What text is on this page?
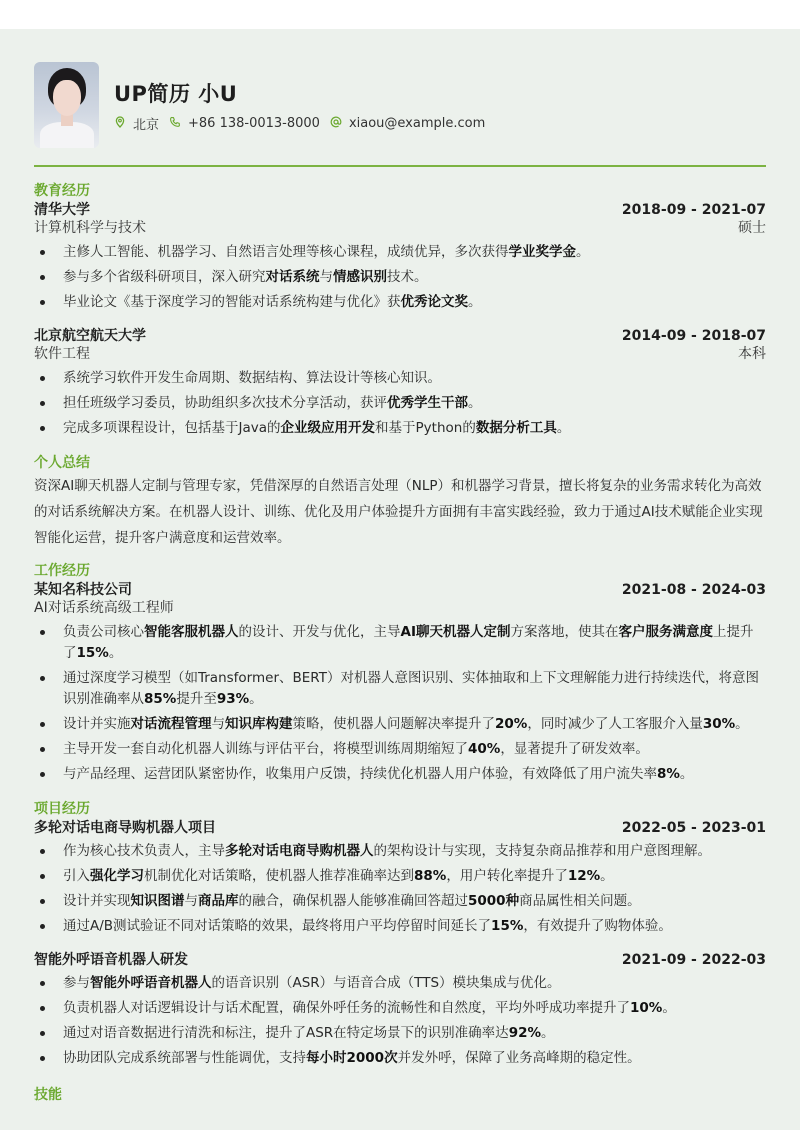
UP简历 小U
北京 +86 138-0013-8000 xiaou@example.com
教育经历
清华大学	2018-09 - 2021-07
计算机科学与技术	硕士
主修人工智能、机器学习、自然语言处理等核心课程，成绩优异，多次获得学业奖学金。
参与多个省级科研项目，深入研究对话系统与情感识别技术。
毕业论文《基于深度学习的智能对话系统构建与优化》获优秀论文奖。
北京航空航天大学	2014-09 - 2018-07
软件工程	本科
系统学习软件开发生命周期、数据结构、算法设计等核心知识。
担任班级学习委员，协助组织多次技术分享活动，获评优秀学生干部。
完成多项课程设计，包括基于Java的企业级应用开发和基于Python的数据分析工具。
个人总结

资深AI聊天机器人定制与管理专家，凭借深厚的自然语言处理（NLP）和机器学习背景，擅长将复杂的业务需求转化为高效的对话系统解决方案。在机器人设计、训练、优化及用户体验提升方面拥有丰富实践经验，致力于通过AI技术赋能企业实现智能化运营，提升客户满意度和运营效率。

工作经历
某知名科技公司	2021-08 - 2024-03
AI对话系统高级工程师
负责公司核心智能客服机器人的设计、开发与优化，主导AI聊天机器人定制方案落地，使其在客户服务满意度上提升了15%。
通过深度学习模型（如Transformer、BERT）对机器人意图识别、实体抽取和上下文理解能力进行持续迭代，将意图识别准确率从85%提升至93%。
设计并实施对话流程管理与知识库构建策略，使机器人问题解决率提升了20%，同时减少了人工客服介入量30%。
主导开发一套自动化机器人训练与评估平台，将模型训练周期缩短了40%，显著提升了研发效率。
与产品经理、运营团队紧密协作，收集用户反馈，持续优化机器人用户体验，有效降低了用户流失率8%。
项目经历
多轮对话电商导购机器人项目	2022-05 - 2023-01
作为核心技术负责人，主导多轮对话电商导购机器人的架构设计与实现，支持复杂商品推荐和用户意图理解。
引入强化学习机制优化对话策略，使机器人推荐准确率达到88%，用户转化率提升了12%。
设计并实现知识图谱与商品库的融合，确保机器人能够准确回答超过5000种商品属性相关问题。
通过A/B测试验证不同对话策略的效果，最终将用户平均停留时间延长了15%，有效提升了购物体验。
智能外呼语音机器人研发	2021-09 - 2022-03
参与智能外呼语音机器人的语音识别（ASR）与语音合成（TTS）模块集成与优化。
负责机器人对话逻辑设计与话术配置，确保外呼任务的流畅性和自然度，平均外呼成功率提升了10%。
通过对语音数据进行清洗和标注，提升了ASR在特定场景下的识别准确率达92%。
协助团队完成系统部署与性能调优，支持每小时2000次并发外呼，保障了业务高峰期的稳定性。
技能
